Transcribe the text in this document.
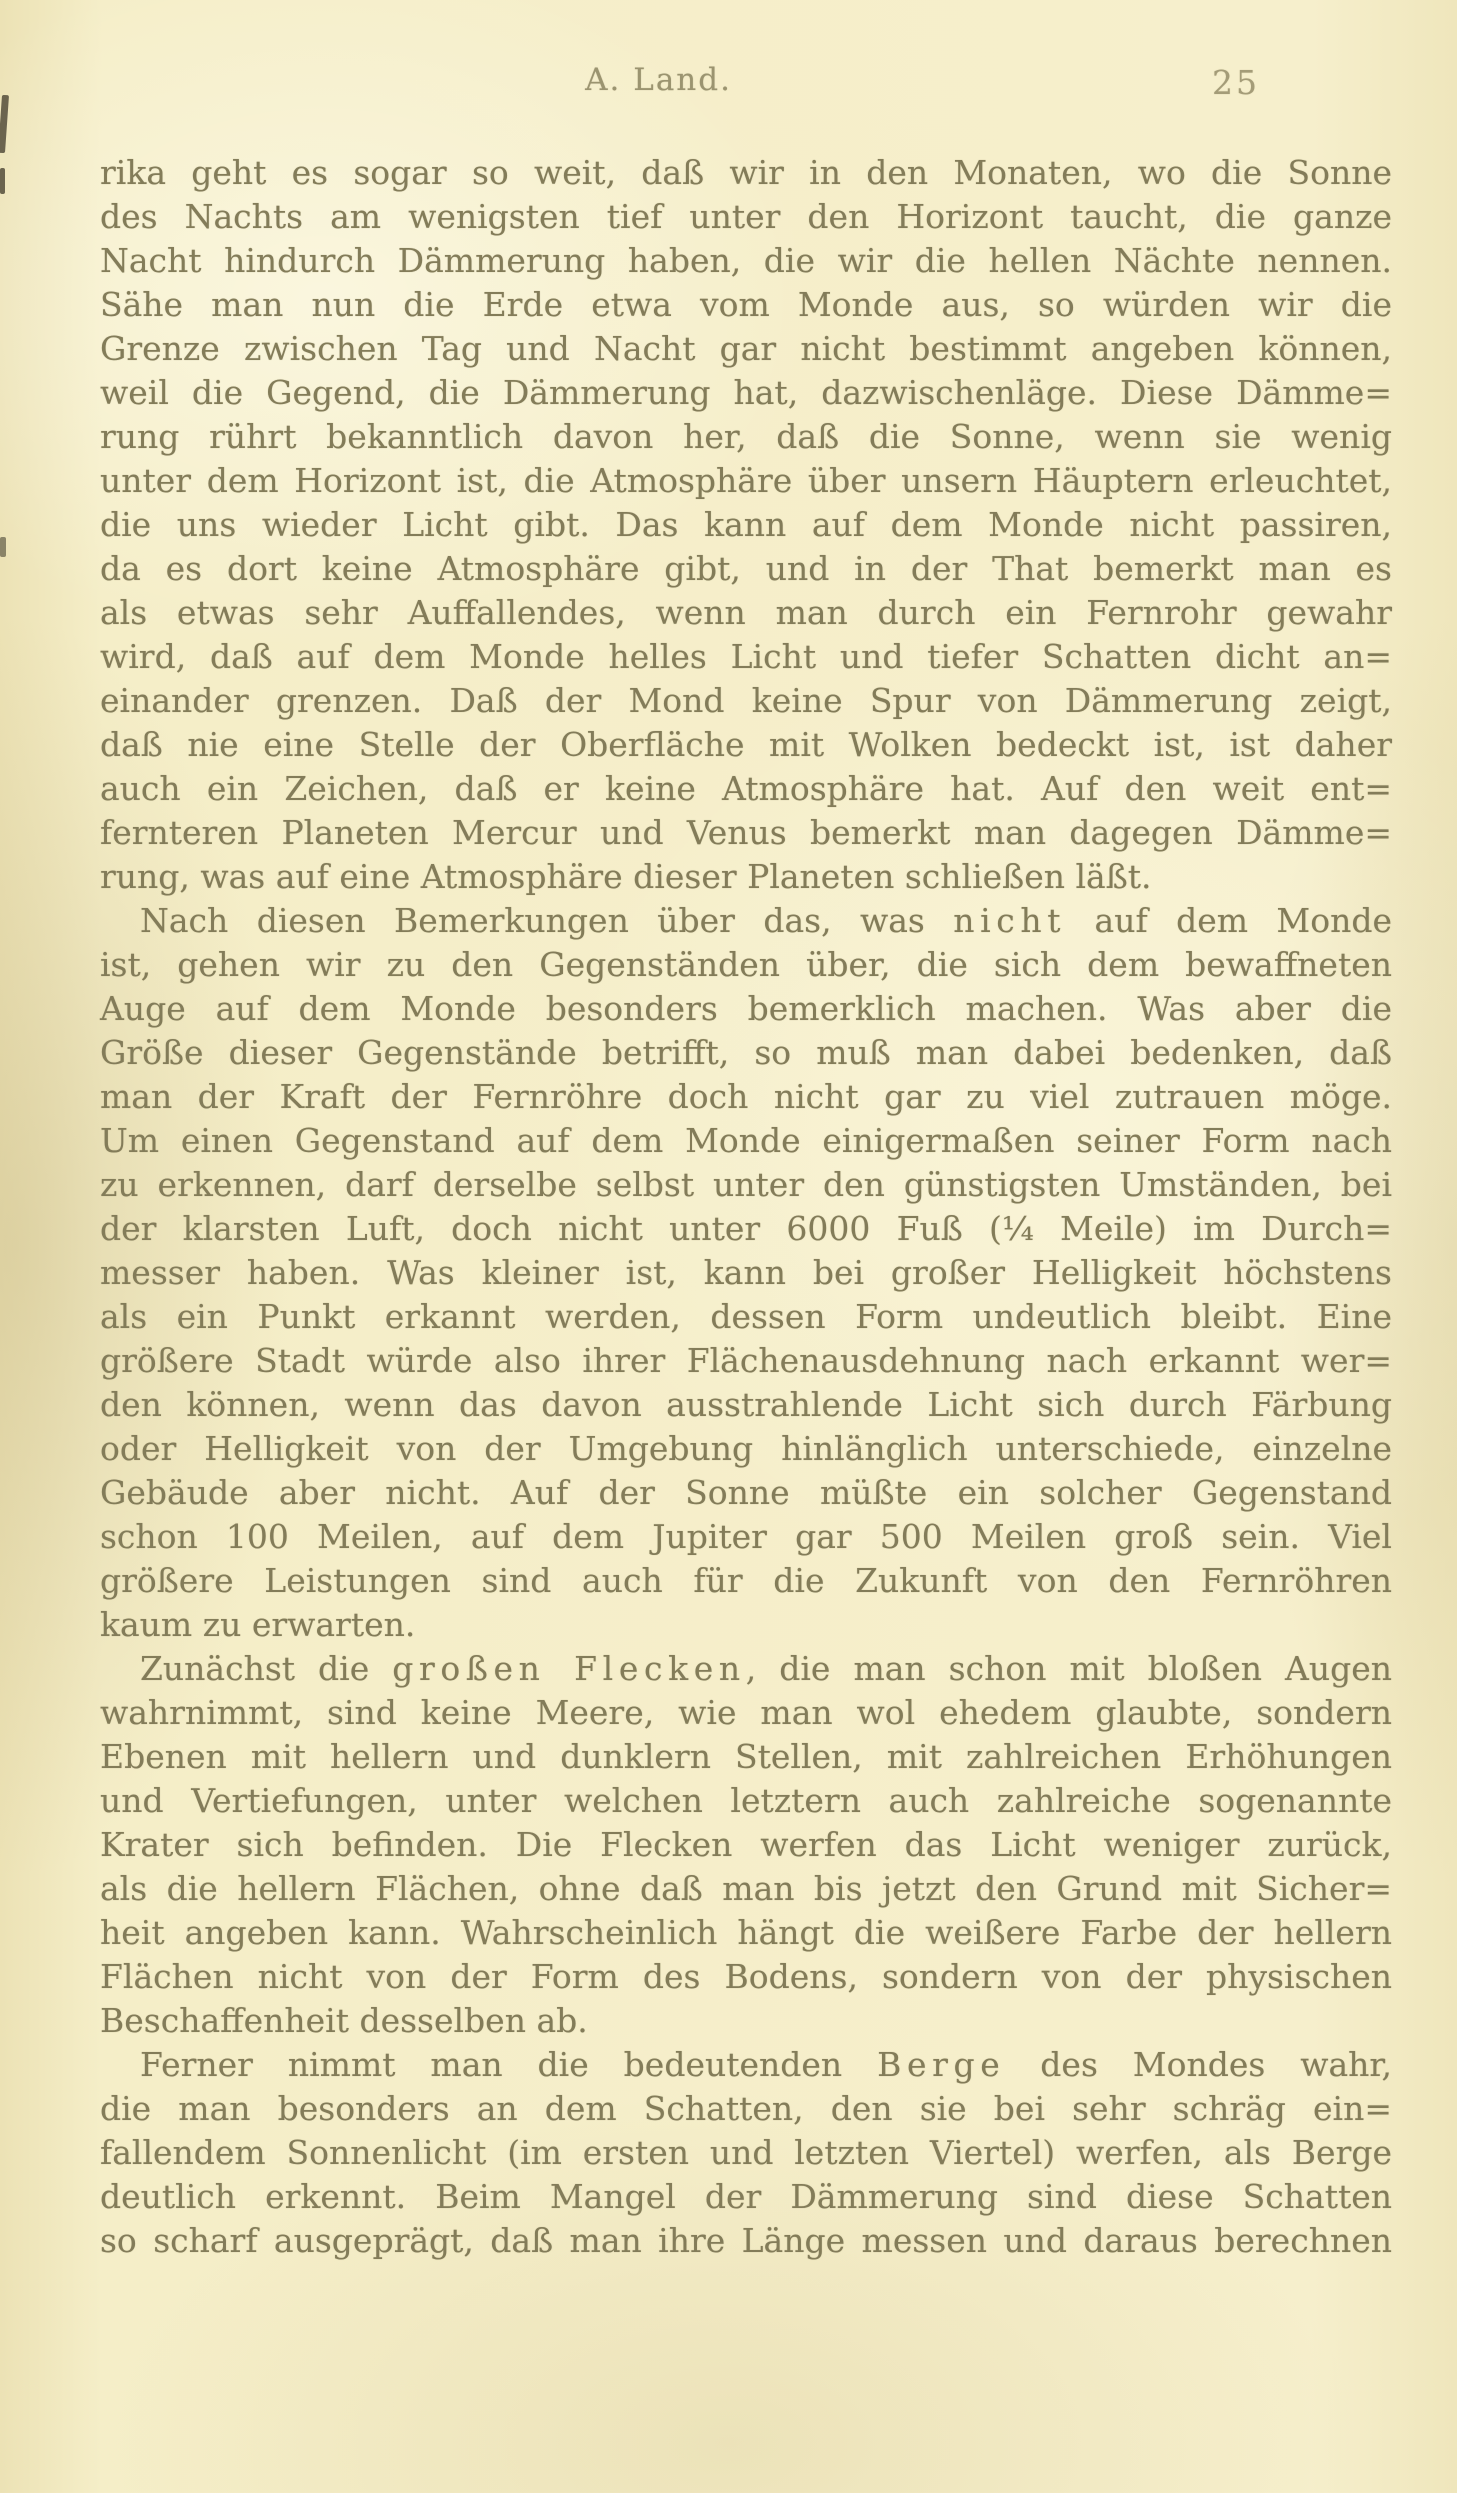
A. Land.	25
rika geht es sogar so weit, daß wir in den Monaten, wo die Sonne
des Nachts am wenigsten tief unter den Horizont taucht, die ganze
Nacht hindurch Dämmerung haben, die wir die hellen Nächte nennen.
Sähe man nun die Erde etwa vom Monde aus, so würden wir die
Grenze zwischen Tag und Nacht gar nicht bestimmt angeben können,
weil die Gegend, die Dämmerung hat, dazwischenläge. Diese Dämme=
rung rührt bekanntlich davon her, daß die Sonne, wenn sie wenig
unter dem Horizont ist, die Atmosphäre über unsern Häuptern erleuchtet,
die uns wieder Licht gibt. Das kann auf dem Monde nicht passiren,
da es dort keine Atmosphäre gibt, und in der That bemerkt man es
als etwas sehr Auffallendes, wenn man durch ein Fernrohr gewahr
wird, daß auf dem Monde helles Licht und tiefer Schatten dicht an=
einander grenzen. Daß der Mond keine Spur von Dämmerung zeigt,
daß nie eine Stelle der Oberfläche mit Wolken bedeckt ist, ist daher
auch ein Zeichen, daß er keine Atmosphäre hat. Auf den weit ent=
fernteren Planeten Mercur und Venus bemerkt man dagegen Dämme=
rung, was auf eine Atmosphäre dieser Planeten schließen läßt.
Nach diesen Bemerkungen über das, was nicht auf dem Monde
ist, gehen wir zu den Gegenständen über, die sich dem bewaffneten
Auge auf dem Monde besonders bemerklich machen. Was aber die
Größe dieser Gegenstände betrifft, so muß man dabei bedenken, daß
man der Kraft der Fernröhre doch nicht gar zu viel zutrauen möge.
Um einen Gegenstand auf dem Monde einigermaßen seiner Form nach
zu erkennen, darf derselbe selbst unter den günstigsten Umständen, bei
der klarsten Luft, doch nicht unter 6000 Fuß (¼ Meile) im Durch=
messer haben. Was kleiner ist, kann bei großer Helligkeit höchstens
als ein Punkt erkannt werden, dessen Form undeutlich bleibt. Eine
größere Stadt würde also ihrer Flächenausdehnung nach erkannt wer=
den können, wenn das davon ausstrahlende Licht sich durch Färbung
oder Helligkeit von der Umgebung hinlänglich unterschiede, einzelne
Gebäude aber nicht. Auf der Sonne müßte ein solcher Gegenstand
schon 100 Meilen, auf dem Jupiter gar 500 Meilen groß sein. Viel
größere Leistungen sind auch für die Zukunft von den Fernröhren
kaum zu erwarten.
Zunächst die großen Flecken, die man schon mit bloßen Augen
wahrnimmt, sind keine Meere, wie man wol ehedem glaubte, sondern
Ebenen mit hellern und dunklern Stellen, mit zahlreichen Erhöhungen
und Vertiefungen, unter welchen letztern auch zahlreiche sogenannte
Krater sich befinden. Die Flecken werfen das Licht weniger zurück,
als die hellern Flächen, ohne daß man bis jetzt den Grund mit Sicher=
heit angeben kann. Wahrscheinlich hängt die weißere Farbe der hellern
Flächen nicht von der Form des Bodens, sondern von der physischen
Beschaffenheit desselben ab.
Ferner nimmt man die bedeutenden Berge des Mondes wahr,
die man besonders an dem Schatten, den sie bei sehr schräg ein=
fallendem Sonnenlicht (im ersten und letzten Viertel) werfen, als Berge
deutlich erkennt. Beim Mangel der Dämmerung sind diese Schatten
so scharf ausgeprägt, daß man ihre Länge messen und daraus berechnen
